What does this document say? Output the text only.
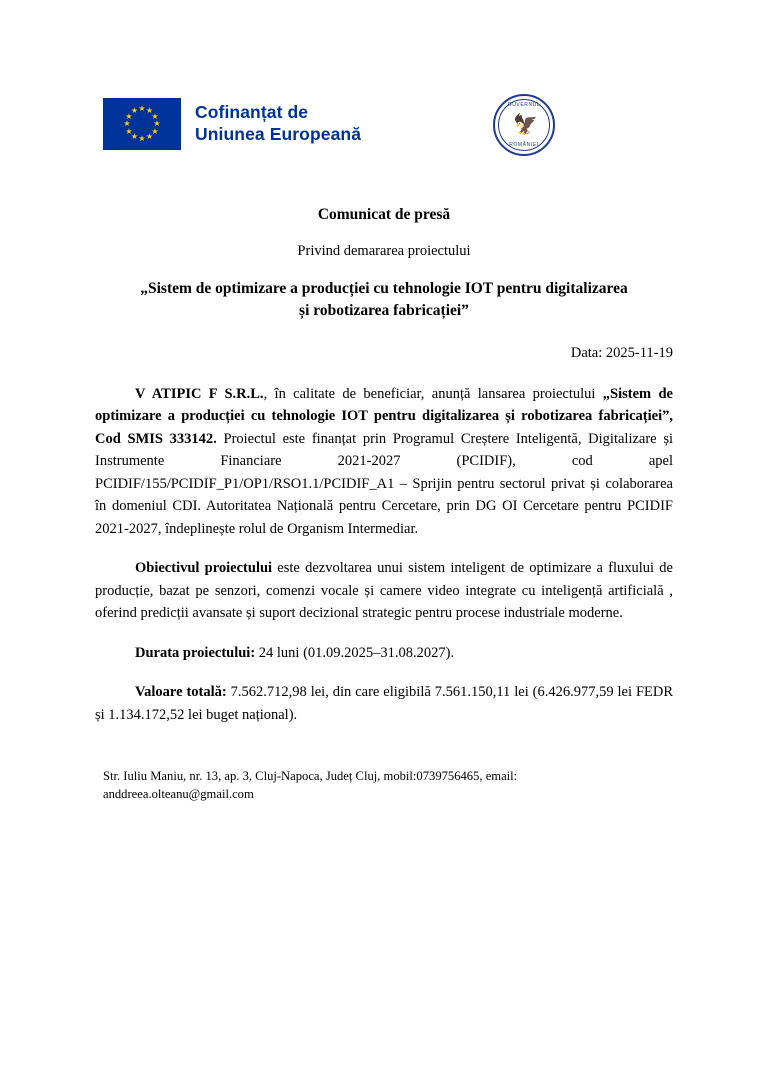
★ ★
★
★
★
★
★
★
★
★
★
★	Cofinanțat de
Uniunea Europeană
GUVERNUL
🦅
ROMÂNIEI
Comunicat de presă
Privind demararea proiectului
„Sistem de optimizare a producției cu tehnologie IOT pentru digitalizarea și robotizarea fabricației”
Data: 2025-11-19

V ATIPIC F S.R.L., în calitate de beneficiar, anunță lansarea proiectului „Sistem de optimizare a producției cu tehnologie IOT pentru digitalizarea și robotizarea fabricației”, Cod SMIS 333142. Proiectul este finanțat prin Programul Creștere Inteligentă, Digitalizare și Instrumente Financiare 2021-2027 (PCIDIF), cod apel PCIDIF/155/PCIDIF_P1/OP1/RSO1.1/PCIDIF_A1 – Sprijin pentru sectorul privat și colaborarea în domeniul CDI. Autoritatea Națională pentru Cercetare, prin DG OI Cercetare pentru PCIDIF 2021-2027, îndeplinește rolul de Organism Intermediar.

Obiectivul proiectului este dezvoltarea unui sistem inteligent de optimizare a fluxului de producție, bazat pe senzori, comenzi vocale și camere video integrate cu inteligență artificială , oferind predicții avansate și suport decizional strategic pentru procese industriale moderne.

Durata proiectului: 24 luni (01.09.2025–31.08.2027).

Valoare totală: 7.562.712,98 lei, din care eligibilă 7.561.150,11 lei (6.426.977,59 lei FEDR și 1.134.172,52 lei buget național).

Str. Iuliu Maniu, nr. 13, ap. 3, Cluj-Napoca, Județ Cluj, mobil:0739756465, email:
anddreea.olteanu@gmail.com
